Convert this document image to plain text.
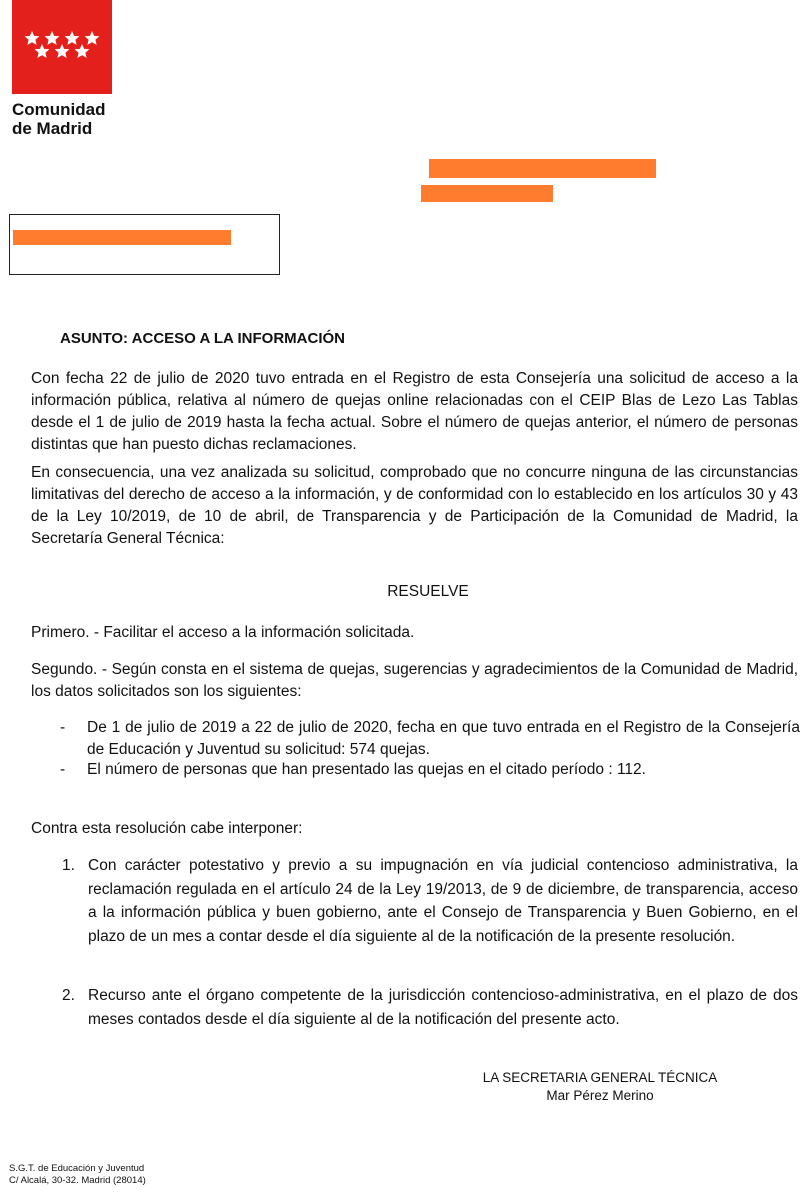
Comunidad
de Madrid
ASUNTO: ACCESO A LA INFORMACIÓN
Con fecha 22 de julio de 2020 tuvo entrada en el Registro de esta Consejería una solicitud de acceso a la información pública, relativa al número de quejas online relacionadas con el CEIP Blas de Lezo Las Tablas desde el 1 de julio de 2019 hasta la fecha actual. Sobre el número de quejas anterior, el número de personas distintas que han puesto dichas reclamaciones.
En consecuencia, una vez analizada su solicitud, comprobado que no concurre ninguna de las circunstancias limitativas del derecho de acceso a la información, y de conformidad con lo establecido en los artículos 30 y 43 de la Ley 10/2019, de 10 de abril, de Transparencia y de Participación de la Comunidad de Madrid, la Secretaría General Técnica:
RESUELVE
Primero. - Facilitar el acceso a la información solicitada.
Segundo. - Según consta en el sistema de quejas, sugerencias y agradecimientos de la Comunidad de Madrid, los datos solicitados son los siguientes:
- De 1 de julio de 2019 a 22 de julio de 2020, fecha en que tuvo entrada en el Registro de la Consejería de Educación y Juventud su solicitud: 574 quejas.
- El número de personas que han presentado las quejas en el citado período : 112.
Contra esta resolución cabe interponer:
1. Con carácter potestativo y previo a su impugnación en vía judicial contencioso administrativa, la reclamación regulada en el artículo 24 de la Ley 19/2013, de 9 de diciembre, de transparencia, acceso a la información pública y buen gobierno, ante el Consejo de Transparencia y Buen Gobierno, en el plazo de un mes a contar desde el día siguiente al de la notificación de la presente resolución.
2. Recurso ante el órgano competente de la jurisdicción contencioso-administrativa, en el plazo de dos meses contados desde el día siguiente al de la notificación del presente acto.
LA SECRETARIA GENERAL TÉCNICA
Mar Pérez Merino
S.G.T. de Educación y Juventud
C/ Alcalá, 30-32. Madrid (28014)
